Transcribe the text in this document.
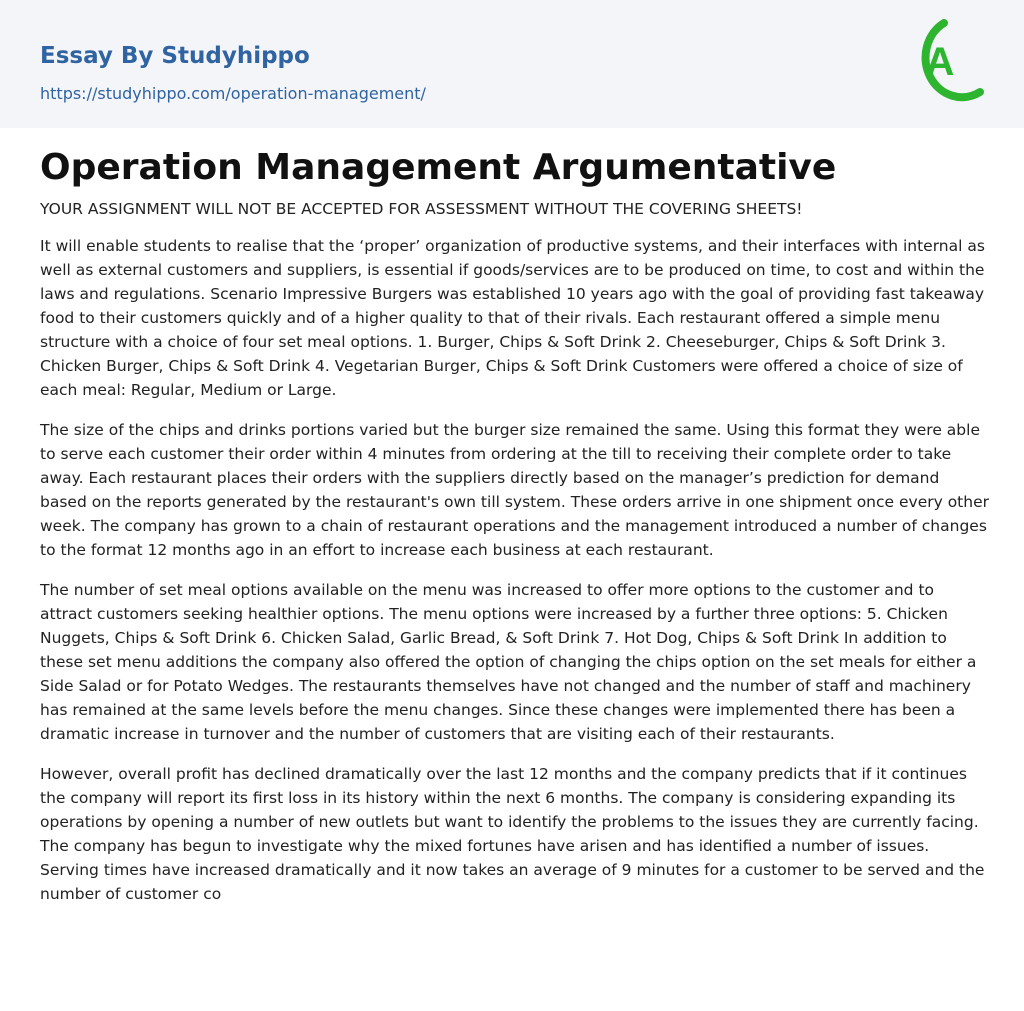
Essay By Studyhippo
https://studyhippo.com/operation-management/
A
Operation Management Argumentative

YOUR ASSIGNMENT WILL NOT BE ACCEPTED FOR ASSESSMENT WITHOUT THE COVERING SHEETS!

It will enable students to realise that the ‘proper’ organization of productive systems, and their interfaces with internal as well as external customers and suppliers, is essential if goods/services are to be produced on time, to cost and within the laws and regulations. Scenario Impressive Burgers was established 10 years ago with the goal of providing fast takeaway food to their customers quickly and of a higher quality to that of their rivals. Each restaurant offered a simple menu structure with a choice of four set meal options. 1. Burger, Chips & Soft Drink 2. Cheeseburger, Chips & Soft Drink 3. Chicken Burger, Chips & Soft Drink 4. Vegetarian Burger, Chips & Soft Drink Customers were offered a choice of size of each meal: Regular, Medium or Large.

The size of the chips and drinks portions varied but the burger size remained the same. Using this format they were able to serve each customer their order within 4 minutes from ordering at the till to receiving their complete order to take away. Each restaurant places their orders with the suppliers directly based on the manager’s prediction for demand based on the reports generated by the restaurant's own till system. These orders arrive in one shipment once every other week. The company has grown to a chain of restaurant operations and the management introduced a number of changes to the format 12 months ago in an effort to increase each business at each restaurant.

The number of set meal options available on the menu was increased to offer more options to the customer and to attract customers seeking healthier options. The menu options were increased by a further three options: 5. Chicken Nuggets, Chips & Soft Drink 6. Chicken Salad, Garlic Bread, & Soft Drink 7. Hot Dog, Chips & Soft Drink In addition to these set menu additions the company also offered the option of changing the chips option on the set meals for either a Side Salad or for Potato Wedges. The restaurants themselves have not changed and the number of staff and machinery has remained at the same levels before the menu changes. Since these changes were implemented there has been a dramatic increase in turnover and the number of customers that are visiting each of their restaurants.

However, overall profit has declined dramatically over the last 12 months and the company predicts that if it continues the company will report its first loss in its history within the next 6 months. The company is considering expanding its operations by opening a number of new outlets but want to identify the problems to the issues they are currently facing. The company has begun to investigate why the mixed fortunes have arisen and has identified a number of issues. Serving times have increased dramatically and it now takes an average of 9 minutes for a customer to be served and the number of customer co
